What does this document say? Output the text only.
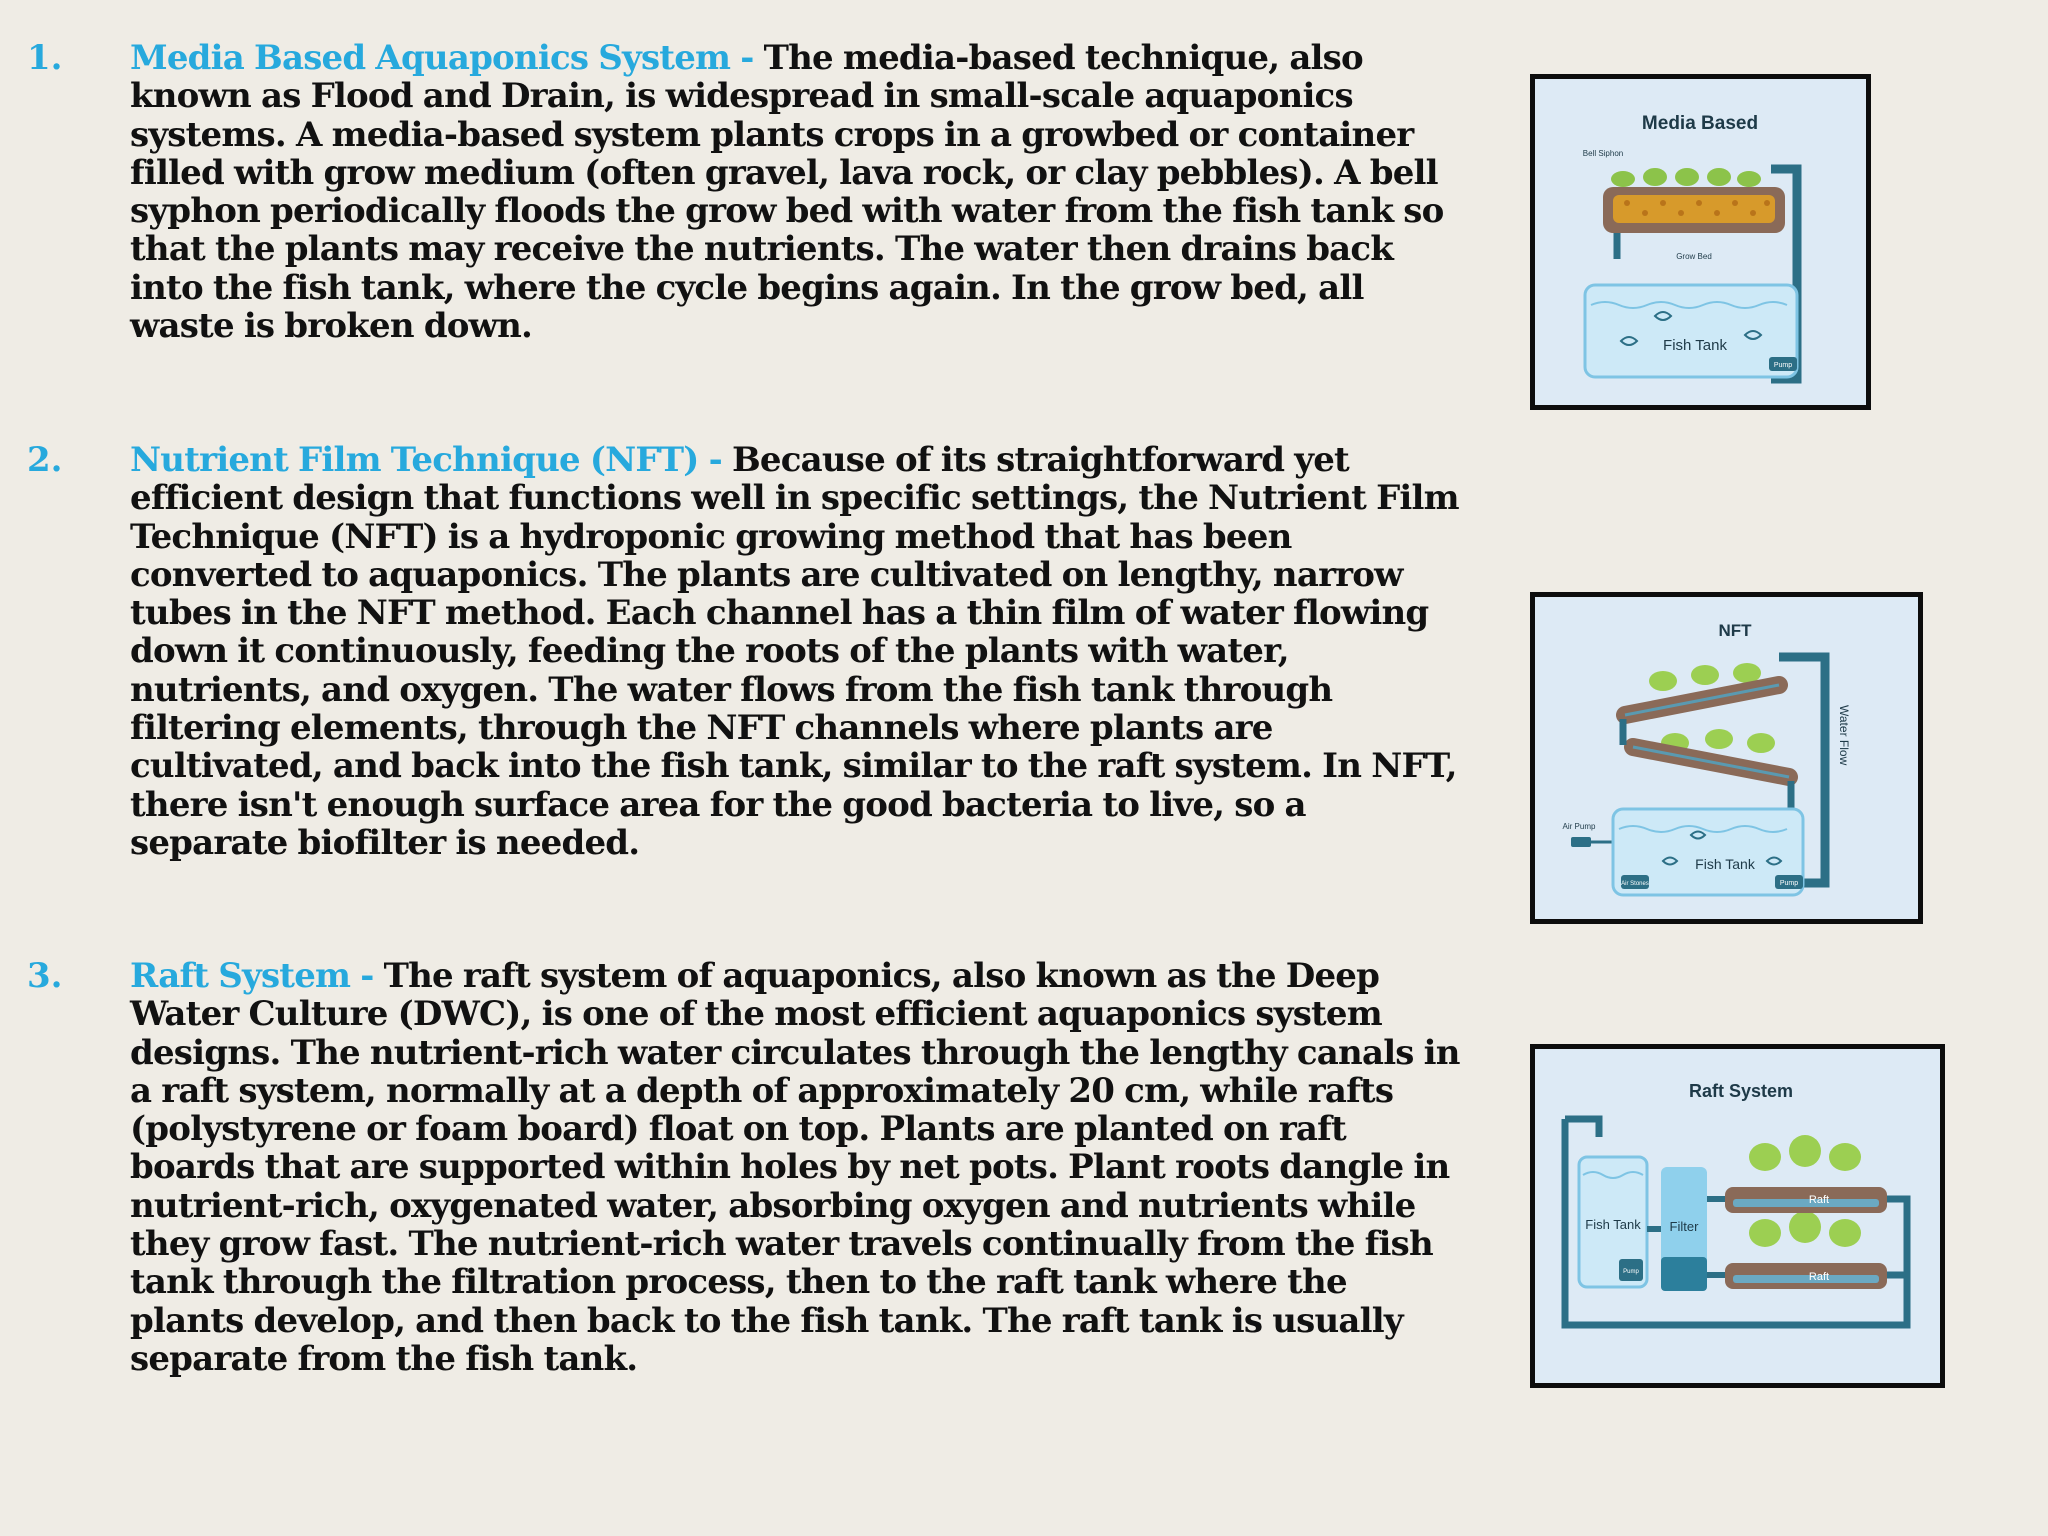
1. Media Based Aquaponics System - The media-based technique, also known as Flood and Drain, is widespread in small-scale aquaponics systems. A media-based system plants crops in a growbed or container filled with grow medium (often gravel, lava rock, or clay pebbles). A bell syphon periodically floods the grow bed with water from the fish tank so that the plants may receive the nutrients. The water then drains back into the fish tank, where the cycle begins again. In the grow bed, all waste is broken down.
2. Nutrient Film Technique (NFT) - Because of its straightforward yet efficient design that functions well in specific settings, the Nutrient Film Technique (NFT) is a hydroponic growing method that has been converted to aquaponics. The plants are cultivated on lengthy, narrow tubes in the NFT method. Each channel has a thin film of water flowing down it continuously, feeding the roots of the plants with water, nutrients, and oxygen. The water flows from the fish tank through filtering elements, through the NFT channels where plants are cultivated, and back into the fish tank, similar to the raft system. In NFT, there isn't enough surface area for the good bacteria to live, so a separate biofilter is needed.
3. Raft System - The raft system of aquaponics, also known as the Deep Water Culture (DWC), is one of the most efficient aquaponics system designs. The nutrient-rich water circulates through the lengthy canals in a raft system, normally at a depth of approximately 20 cm, while rafts (polystyrene or foam board) float on top. Plants are planted on raft boards that are supported within holes by net pots. Plant roots dangle in nutrient-rich, oxygenated water, absorbing oxygen and nutrients while they grow fast. The nutrient-rich water travels continually from the fish tank through the filtration process, then to the raft tank where the plants develop, and then back to the fish tank. The raft tank is usually separate from the fish tank.
Media Based
Bell Siphon
Grow Bed
Fish Tank
Pump
NFT
Water Flow
Air Pump
Fish Tank
Air Stones	Pump
Raft System
Fish Tank
Pump
Filter
Raft
Raft
